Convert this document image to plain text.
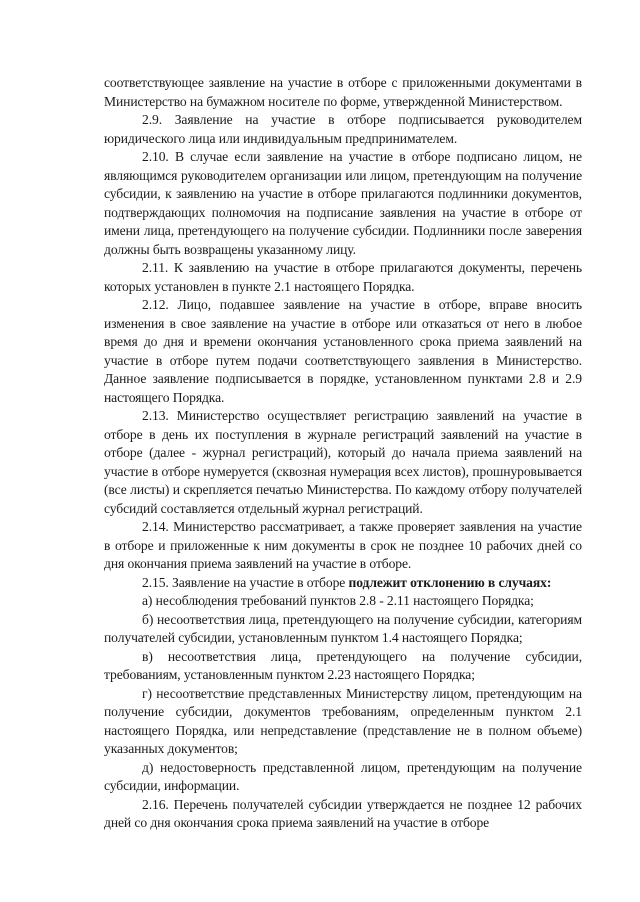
соответствующее заявление на участие в отборе с приложенными документами в Министерство на бумажном носителе по форме, утвержденной Министерством.

2.9. Заявление на участие в отборе подписывается руководителем юридического лица или индивидуальным предпринимателем.

2.10. В случае если заявление на участие в отборе подписано лицом, не являющимся руководителем организации или лицом, претендующим на получение субсидии, к заявлению на участие в отборе прилагаются подлинники документов, подтверждающих полномочия на подписание заявления на участие в отборе от имени лица, претендующего на получение субсидии. Подлинники после заверения должны быть возвращены указанному лицу.

2.11. К заявлению на участие в отборе прилагаются документы, перечень которых установлен в пункте 2.1 настоящего Порядка.

2.12. Лицо, подавшее заявление на участие в отборе, вправе вносить изменения в свое заявление на участие в отборе или отказаться от него в любое время до дня и времени окончания установленного срока приема заявлений на участие в отборе путем подачи соответствующего заявления в Министерство. Данное заявление подписывается в порядке, установленном пунктами 2.8 и 2.9 настоящего Порядка.

2.13. Министерство осуществляет регистрацию заявлений на участие в отборе в день их поступления в журнале регистраций заявлений на участие в отборе (далее - журнал регистраций), который до начала приема заявлений на участие в отборе нумеруется (сквозная нумерация всех листов), прошнуровывается (все листы) и скрепляется печатью Министерства. По каждому отбору получателей субсидий составляется отдельный журнал регистраций.

2.14. Министерство рассматривает, а также проверяет заявления на участие в отборе и приложенные к ним документы в срок не позднее 10 рабочих дней со дня окончания приема заявлений на участие в отборе.

2.15. Заявление на участие в отборе подлежит отклонению в случаях:

а) несоблюдения требований пунктов 2.8 - 2.11 настоящего Порядка;

б) несоответствия лица, претендующего на получение субсидии, категориям получателей субсидии, установленным пунктом 1.4 настоящего Порядка;

в) несоответствия лица, претендующего на получение субсидии, требованиям, установленным пунктом 2.23 настоящего Порядка;

г) несоответствие представленных Министерству лицом, претендующим на получение субсидии, документов требованиям, определенным пунктом 2.1 настоящего Порядка, или непредставление (представление не в полном объеме) указанных документов;

д) недостоверность представленной лицом, претендующим на получение субсидии, информации.

2.16. Перечень получателей субсидии утверждается не позднее 12 рабочих дней со дня окончания срока приема заявлений на участие в отборе
